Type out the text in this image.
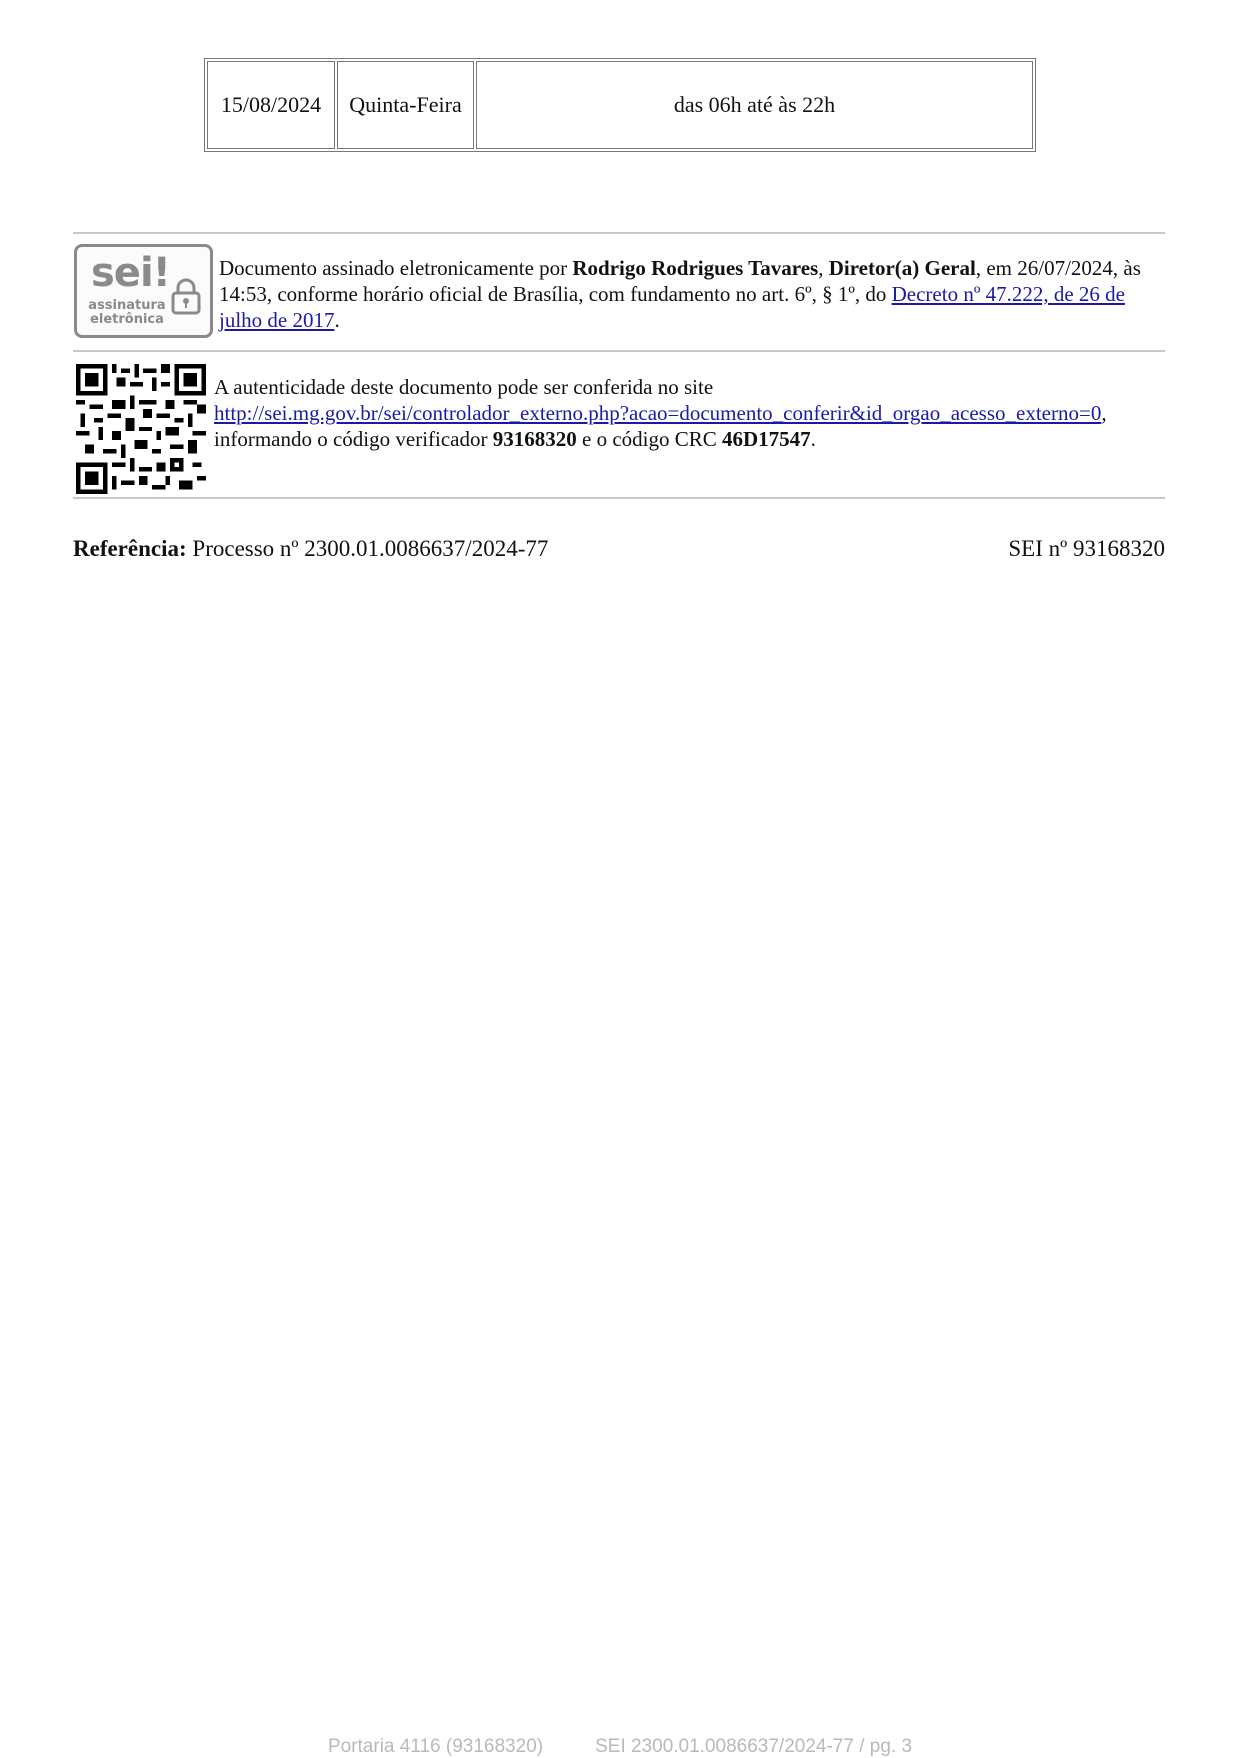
15/08/2024	Quinta-Feira	das 06h até às 22h
sei!
assinatura
eletrônica
Documento assinado eletronicamente por Rodrigo Rodrigues Tavares, Diretor(a) Geral, em 26/07/2024, às 14:53, conforme horário oficial de Brasília, com fundamento no art. 6º, § 1º, do Decreto nº 47.222, de 26 de julho de 2017.
A autenticidade deste documento pode ser conferida no site
http://sei.mg.gov.br/sei/controlador_externo.php?acao=documento_conferir&id_orgao_acesso_externo=0, informando o código verificador 93168320 e o código CRC 46D17547.
Referência: Processo nº 2300.01.0086637/2024-77	SEI nº 93168320
Portaria 4116 (93168320)	SEI 2300.01.0086637/2024-77 / pg. 3
